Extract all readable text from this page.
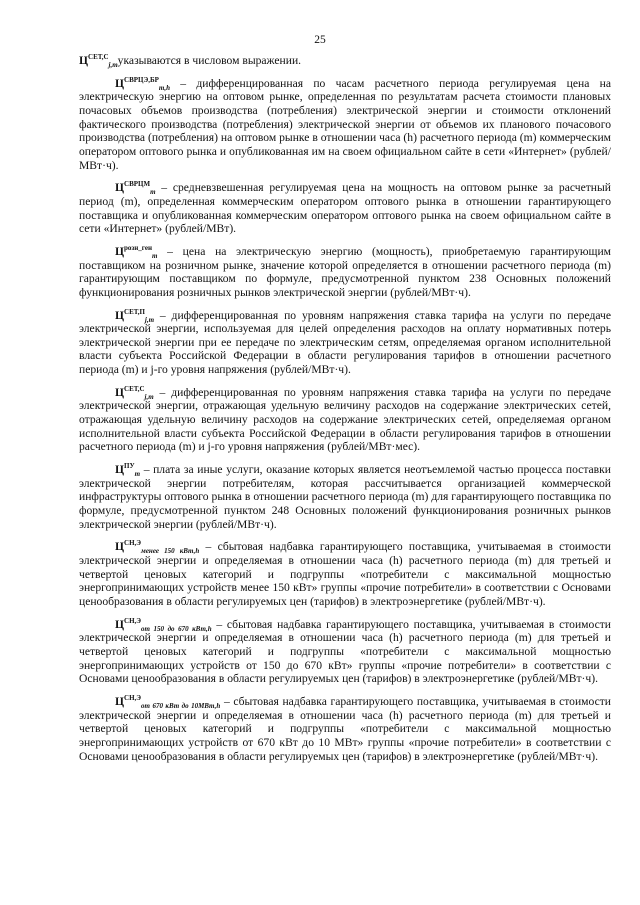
25

$Ц^{СЕТ,С}_{j,m}указываются$ в числовом выражении.

$Ц^{СВРЦЭ,БР}_{m,h}$ – дифференцированная по часам расчетного периода регулируемая цена на электрическую энергию на оптовом рынке, определенная по результатам расчета стоимости плановых почасовых объемов производства (потребления) электрической энергии и стоимости отклонений фактического производства (потребления) электрической энергии от объемов их планового почасового производства (потребления) на оптовом рынке в отношении часа (h) расчетного периода (m) коммерческим оператором оптового рынка и опубликованная им на своем официальном сайте в сети «Интернет» (рублей/МВт·ч).

$Ц^{СВРЦМ}_m$ – средневзвешенная регулируемая цена на мощность на оптовом рынке за расчетный период (m), определенная коммерческим оператором оптового рынка в отношении гарантирующего поставщика и опубликованная коммерческим оператором оптового рынка на своем официальном сайте в сети «Интернет» (рублей/МВт).

$Ц^{розн\_ген}_m$ – цена на электрическую энергию (мощность), приобретаемую гарантирующим поставщиком на розничном рынке, значение которой определяется в отношении расчетного периода (m) гарантирующим поставщиком по формуле, предусмотренной пунктом 238 Основных положений функционирования розничных рынков электрической энергии (рублей/МВт·ч).

$Ц^{СЕТ,П}_{j,m}$ – дифференцированная по уровням напряжения ставка тарифа на услуги по передаче электрической энергии, используемая для целей определения расходов на оплату нормативных потерь электрической энергии при ее передаче по электрическим сетям, определяемая органом исполнительной власти субъекта Российской Федерации в области регулирования тарифов в отношении расчетного периода (m) и j-го уровня напряжения (рублей/МВт·ч).

$Ц^{СЕТ,С}_{j,m}$ – дифференцированная по уровням напряжения ставка тарифа на услуги по передаче электрической энергии, отражающая удельную величину расходов на содержание электрических сетей, отражающая удельную величину расходов на содержание электрических сетей, определяемая органом исполнительной власти субъекта Российской Федерации в области регулирования тарифов в отношении расчетного периода (m) и j-го уровня напряжения (рублей/МВт·мес).

$Ц^{ПУ}_m$ – плата за иные услуги, оказание которых является неотъемлемой частью процесса поставки электрической энергии потребителям, которая рассчитывается организацией коммерческой инфраструктуры оптового рынка в отношении расчетного периода (m) для гарантирующего поставщика по формуле, предусмотренной пунктом 248 Основных положений функционирования розничных рынков электрической энергии (рублей/МВт·ч).

$Ц^{СН,Э}_{менее 150 кВт,h}$ – сбытовая надбавка гарантирующего поставщика, учитываемая в стоимости электрической энергии и определяемая в отношении часа (h) расчетного периода (m) для третьей и четвертой ценовых категорий и подгруппы «потребители с максимальной мощностью энергопринимающих устройств менее 150 кВт» группы «прочие потребители» в соответствии с Основами ценообразования в области регулируемых цен (тарифов) в электроэнергетике (рублей/МВт·ч).

$Ц^{СН,Э}_{от 150 до 670 кВт,h}$ – сбытовая надбавка гарантирующего поставщика, учитываемая в стоимости электрической энергии и определяемая в отношении часа (h) расчетного периода (m) для третьей и четвертой ценовых категорий и подгруппы «потребители с максимальной мощностью энергопринимающих устройств от 150 до 670 кВт» группы «прочие потребители» в соответствии с Основами ценообразования в области регулируемых цен (тарифов) в электроэнергетике (рублей/МВт·ч).

$Ц^{СН,Э}_{от 670 кВт до 10МВт,h}$ – сбытовая надбавка гарантирующего поставщика, учитываемая в стоимости электрической энергии и определяемая в отношении часа (h) расчетного периода (m) для третьей и четвертой ценовых категорий и подгруппы «потребители с максимальной мощностью энергопринимающих устройств от 670 кВт до 10 МВт» группы «прочие потребители» в соответствии с Основами ценообразования в области регулируемых цен (тарифов) в электроэнергетике (рублей/МВт·ч).
